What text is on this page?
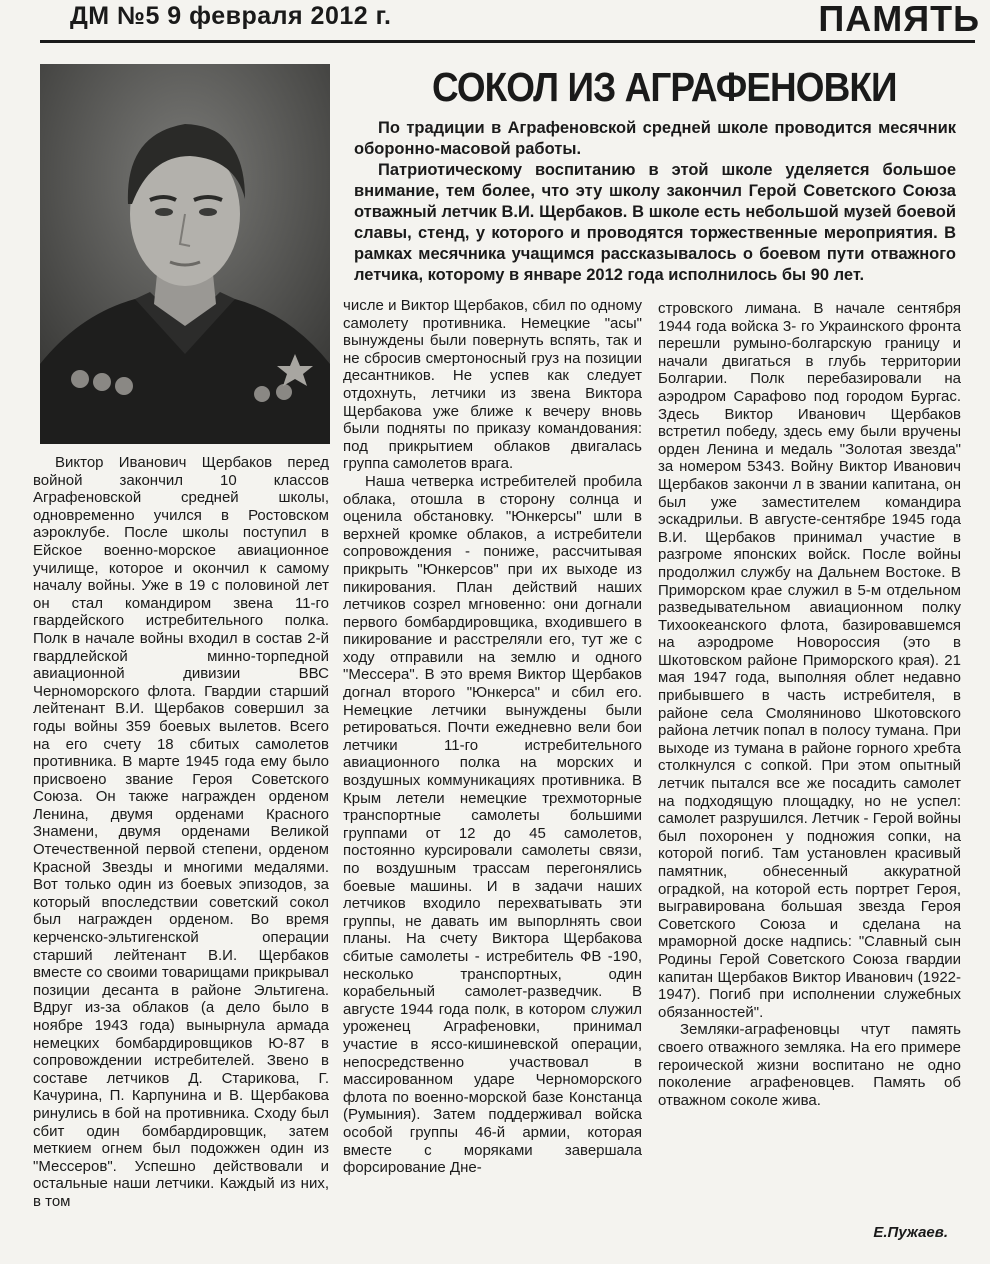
ДМ №5 9 февраля 2012 г.	ПАМЯТЬ
СОКОЛ ИЗ АГРАФЕНОВКИ

По традиции в Аграфеновской средней школе проводится месячник оборонно-масовой работы.

Патриотическому воспитанию в этой школе уделяется большое внимание, тем более, что эту школу закончил Герой Советского Союза отважный летчик В.И. Щербаков. В школе есть небольшой музей боевой славы, стенд, у которого и проводятся торжественные мероприятия. В рамках месячника учащимся рассказывалось о боевом пути отважного летчика, которому в январе 2012 года исполнилось бы 90 лет.

Виктор Иванович Щербаков перед войной закончил 10 классов Аграфеновской средней школы, одновременно учился в Ростовском аэроклубе. После школы поступил в Ейское военно-морское авиационное училище, которое и окончил к самому началу войны. Уже в 19 с половиной лет он стал командиром звена 11-го гвардейского истребительного полка. Полк в начале войны входил в состав 2-й гвардлейской минно-торпедной авиационной дивизии ВВС Черноморского флота. Гвардии старший лейтенант В.И. Щербаков совершил за годы войны 359 боевых вылетов. Всего на его счету 18 сбитых самолетов противника. В марте 1945 года ему было присвоено звание Героя Советского Союза. Он также награжден орденом Ленина, двумя орденами Красного Знамени, двумя орденами Великой Отечественной первой степени, орденом Красной Звезды и многими медалями. Вот только один из боевых эпизодов, за который впоследствии советский сокол был награжден орденом. Во время керченско-эльтигенской операции старший лейтенант В.И. Щербаков вместе со своими товарищами прикрывал позиции десанта в районе Эльтигена. Вдруг из-за облаков (а дело было в ноябре 1943 года) вынырнула армада немецких бомбардировщиков Ю-87 в сопровождении истребителей. Звено в составе летчиков Д. Старикова, Г. Качурина, П. Карпунина и В. Щербакова ринулись в бой на противника. Сходу был сбит один бомбардировщик, затем меткием огнем был подожжен один из "Мессеров". Успешно действовали и остальные наши летчики. Каждый из них, в том

числе и Виктор Щербаков, сбил по одному самолету противника. Немецкие "асы" вынуждены были повернуть вспять, так и не сбросив смертоносный груз на позиции десантников. Не успев как следует отдохнуть, летчики из звена Виктора Щербакова уже ближе к вечеру вновь были подняты по приказу командования: под прикрытием облаков двигалась группа самолетов врага.

Наша четверка истребителей пробила облака, отошла в сторону солнца и оценила обстановку. "Юнкерсы" шли в верхней кромке облаков, а истребители сопровождения - пониже, рассчитывая прикрыть "Юнкерсов" при их выходе из пикирования. План действий наших летчиков созрел мгновенно: они догнали первого бомбардировщика, входившего в пикирование и расстреляли его, тут же с ходу отправили на землю и одного "Мессера". В это время Виктор Щербаков догнал второго "Юнкерса" и сбил его. Немецкие летчики вынуждены были ретироваться. Почти ежедневно вели бои летчики 11-го истребительного авиационного полка на морских и воздушных коммуникациях противника. В Крым летели немецкие трехмоторные транспортные самолеты большими группами от 12 до 45 самолетов, постоянно курсировали самолеты связи, по воздушным трассам перегонялись боевые машины. И в задачи наших летчиков входило перехватывать эти группы, не давать им выпорлнять свои планы. На счету Виктора Щербакова сбитые самолеты - истребитель ФВ -190, несколько транспортных, один корабельный самолет-разведчик. В августе 1944 года полк, в котором служил уроженец Аграфеновки, принимал участие в яссо-кишиневской операции, непосредственно участвовал в массированном ударе Черноморского флота по военно-морской базе Констанца (Румыния). Затем поддерживал войска особой группы 46-й армии, которая вместе с моряками завершала форсирование Дне-

стровского лимана. В начале сентября 1944 года войска 3- го Украинского фронта перешли румыно-болгарскую границу и начали двигаться в глубь территории Болгарии. Полк перебазировали на аэродром Сарафово под городом Бургас. Здесь Виктор Иванович Щербаков встретил победу, здесь ему были вручены орден Ленина и медаль "Золотая звезда" за номером 5343. Войну Виктор Иванович Щербаков закончи л в звании капитана, он был уже заместителем командира эскадрильи. В августе-сентябре 1945 года В.И. Щербаков принимал участие в разгроме японских войск. После войны продолжил службу на Дальнем Востоке. В Приморском крае служил в 5-м отдельном разведывательном авиационном полку Тихоокеанского флота, базировавшемся на аэродроме Новороссия (это в Шкотовском районе Приморского края). 21 мая 1947 года, выполняя облет недавно прибывшего в часть истребителя, в районе села Смоляниново Шкотовского района летчик попал в полосу тумана. При выходе из тумана в районе горного хребта столкнулся с сопкой. При этом опытный летчик пытался все же посадить самолет на подходящую площадку, но не успел: самолет разрушился. Летчик - Герой войны был похоронен у подножия сопки, на которой погиб. Там установлен красивый памятник, обнесенный аккуратной оградкой, на которой есть портрет Героя, выгравирована большая звезда Героя Советского Союза и сделана на мраморной доске надпись: "Славный сын Родины Герой Советского Союза гвардии капитан Щербаков Виктор Иванович (1922-1947). Погиб при исполнении служебных обязанностей".

Земляки-аграфеновцы чтут память своего отважного земляка. На его примере героической жизни воспитано не одно поколение аграфеновцев. Память об отважном соколе жива.

Е.Пужаев.
